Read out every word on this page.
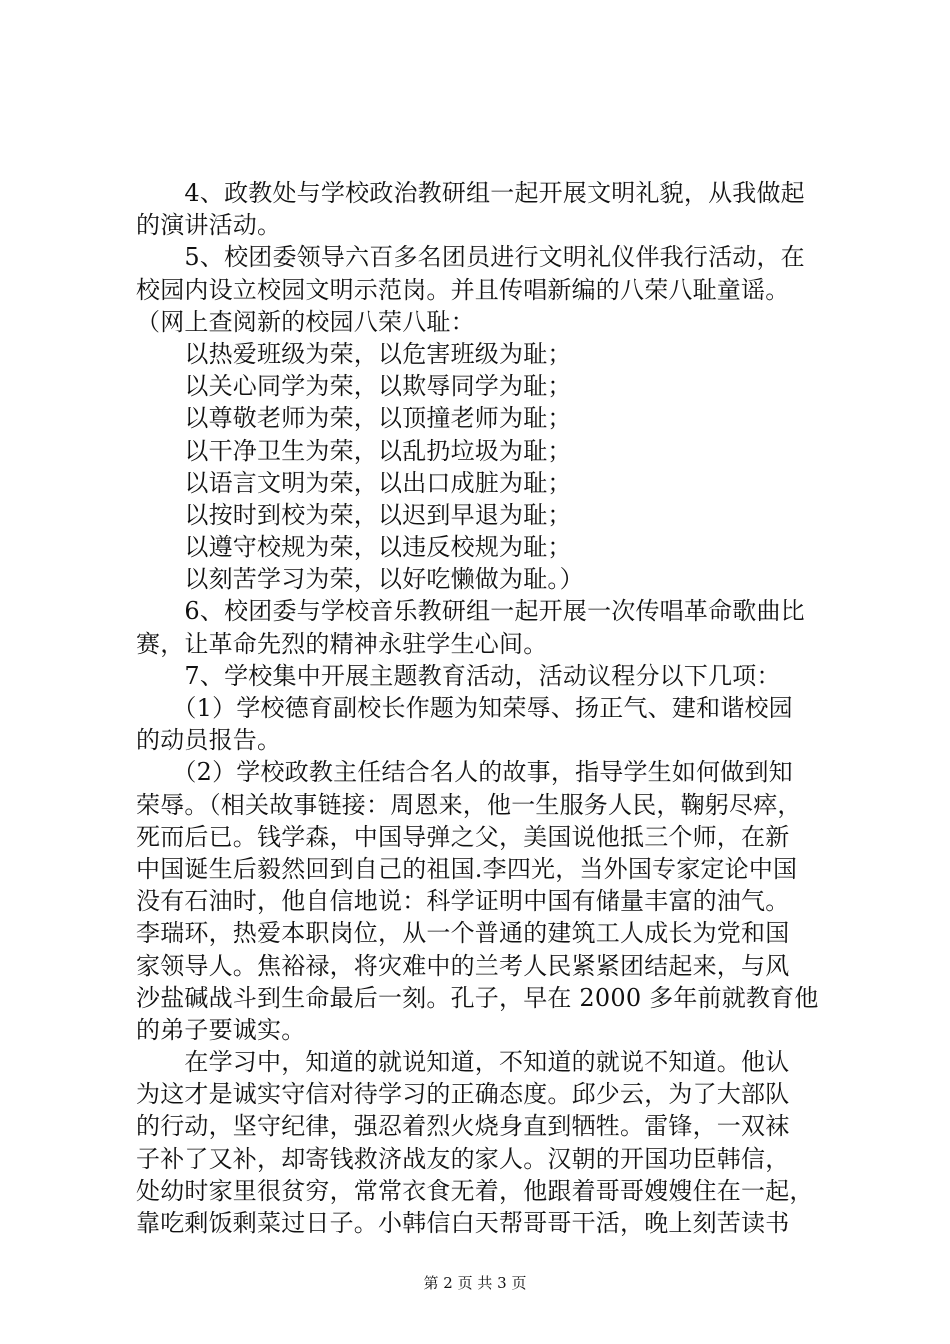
　　4、政教处与学校政治教研组一起开展文明礼貌，从我做起
的演讲活动。
　　5、校团委领导六百多名团员进行文明礼仪伴我行活动，在
校园内设立校园文明示范岗。并且传唱新编的八荣八耻童谣。
（网上查阅新的校园八荣八耻：
　　以热爱班级为荣，以危害班级为耻；
　　以关心同学为荣，以欺辱同学为耻；
　　以尊敬老师为荣，以顶撞老师为耻；
　　以干净卫生为荣，以乱扔垃圾为耻；
　　以语言文明为荣，以出口成脏为耻；
　　以按时到校为荣，以迟到早退为耻；
　　以遵守校规为荣，以违反校规为耻；
　　以刻苦学习为荣，以好吃懒做为耻。）
　　6、校团委与学校音乐教研组一起开展一次传唱革命歌曲比
赛，让革命先烈的精神永驻学生心间。
　　7、学校集中开展主题教育活动，活动议程分以下几项：
　　（1）学校德育副校长作题为知荣辱、扬正气、建和谐校园
的动员报告。
　　（2）学校政教主任结合名人的故事，指导学生如何做到知
荣辱。（相关故事链接：周恩来，他一生服务人民，鞠躬尽瘁，
死而后已。钱学森，中国导弹之父，美国说他抵三个师，在新
中国诞生后毅然回到自己的祖国.李四光，当外国专家定论中国
没有石油时，他自信地说：科学证明中国有储量丰富的油气。
李瑞环，热爱本职岗位，从一个普通的建筑工人成长为党和国
家领导人。焦裕禄，将灾难中的兰考人民紧紧团结起来，与风
沙盐碱战斗到生命最后一刻。孔子，早在 2000 多年前就教育他
的弟子要诚实。
　　在学习中，知道的就说知道，不知道的就说不知道。他认
为这才是诚实守信对待学习的正确态度。邱少云，为了大部队
的行动，坚守纪律，强忍着烈火烧身直到牺牲。雷锋，一双袜
子补了又补，却寄钱救济战友的家人。汉朝的开国功臣韩信，
处幼时家里很贫穷，常常衣食无着，他跟着哥哥嫂嫂住在一起，
靠吃剩饭剩菜过日子。小韩信白天帮哥哥干活，晚上刻苦读书
第 2 页 共 3 页
